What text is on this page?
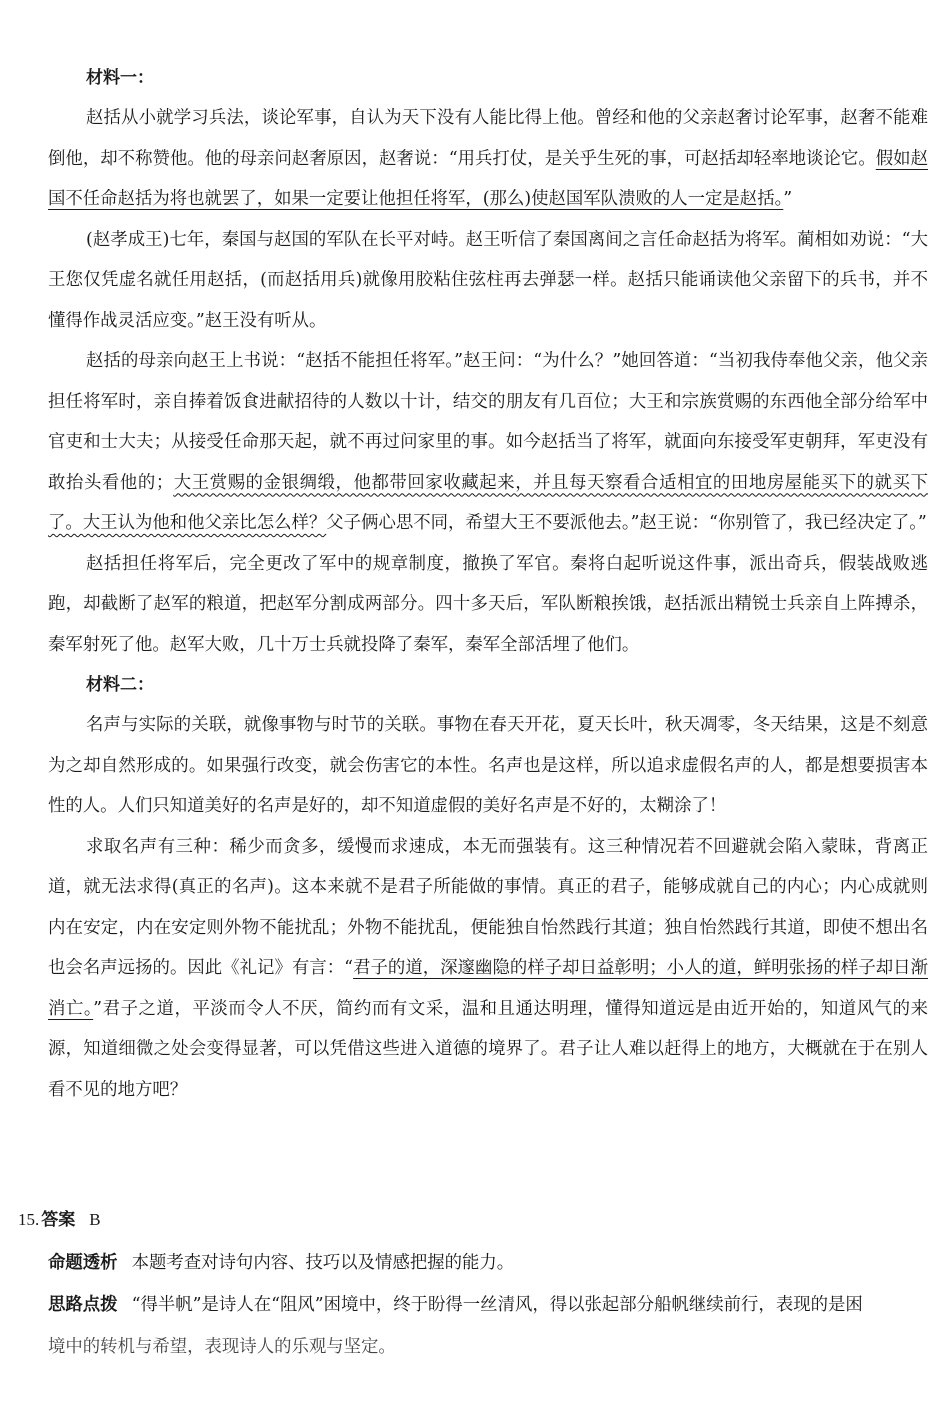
材料一：

赵括从小就学习兵法，谈论军事，自认为天下没有人能比得上他。曾经和他的父亲赵奢讨论军事，赵奢不能难倒他，却不称赞他。他的母亲问赵奢原因，赵奢说：“用兵打仗，是关乎生死的事，可赵括却轻率地谈论它。假如赵国不任命赵括为将也就罢了，如果一定要让他担任将军，(那么)使赵国军队溃败的人一定是赵括。”

(赵孝成王)七年，秦国与赵国的军队在长平对峙。赵王听信了秦国离间之言任命赵括为将军。蔺相如劝说：“大王您仅凭虚名就任用赵括，(而赵括用兵)就像用胶粘住弦柱再去弹瑟一样。赵括只能诵读他父亲留下的兵书，并不懂得作战灵活应变。”赵王没有听从。

赵括的母亲向赵王上书说：“赵括不能担任将军。”赵王问：“为什么？”她回答道：“当初我侍奉他父亲，他父亲担任将军时，亲自捧着饭食进献招待的人数以十计，结交的朋友有几百位；大王和宗族赏赐的东西他全部分给军中官吏和士大夫；从接受任命那天起，就不再过问家里的事。如今赵括当了将军，就面向东接受军吏朝拜，军吏没有敢抬头看他的；大王赏赐的金银绸缎，他都带回家收藏起来，并且每天察看合适相宜的田地房屋能买下的就买下了。大王认为他和他父亲比怎么样？父子俩心思不同，希望大王不要派他去。”赵王说：“你别管了，我已经决定了。”

赵括担任将军后，完全更改了军中的规章制度，撤换了军官。秦将白起听说这件事，派出奇兵，假装战败逃跑，却截断了赵军的粮道，把赵军分割成两部分。四十多天后，军队断粮挨饿，赵括派出精锐士兵亲自上阵搏杀，秦军射死了他。赵军大败，几十万士兵就投降了秦军，秦军全部活埋了他们。

材料二：

名声与实际的关联，就像事物与时节的关联。事物在春天开花，夏天长叶，秋天凋零，冬天结果，这是不刻意为之却自然形成的。如果强行改变，就会伤害它的本性。名声也是这样，所以追求虚假名声的人，都是想要损害本性的人。人们只知道美好的名声是好的，却不知道虚假的美好名声是不好的，太糊涂了！

求取名声有三种：稀少而贪多，缓慢而求速成，本无而强装有。这三种情况若不回避就会陷入蒙昧，背离正道，就无法求得(真正的名声)。这本来就不是君子所能做的事情。真正的君子，能够成就自己的内心；内心成就则内在安定，内在安定则外物不能扰乱；外物不能扰乱，便能独自怡然践行其道；独自怡然践行其道，即使不想出名也会名声远扬的。因此《礼记》有言：“君子的道，深邃幽隐的样子却日益彰明；小人的道，鲜明张扬的样子却日渐消亡。”君子之道，平淡而令人不厌，简约而有文采，温和且通达明理，懂得知道远是由近开始的，知道风气的来源，知道细微之处会变得显著，可以凭借这些进入道德的境界了。君子让人难以赶得上的地方，大概就在于在别人看不见的地方吧？

15. 答案 B
命题透析 本题考查对诗句内容、技巧以及情感把握的能力。
思路点拨 “得半帆”是诗人在“阻风”困境中，终于盼得一丝清风，得以张起部分船帆继续前行，表现的是困
境中的转机与希望，表现诗人的乐观与坚定。
